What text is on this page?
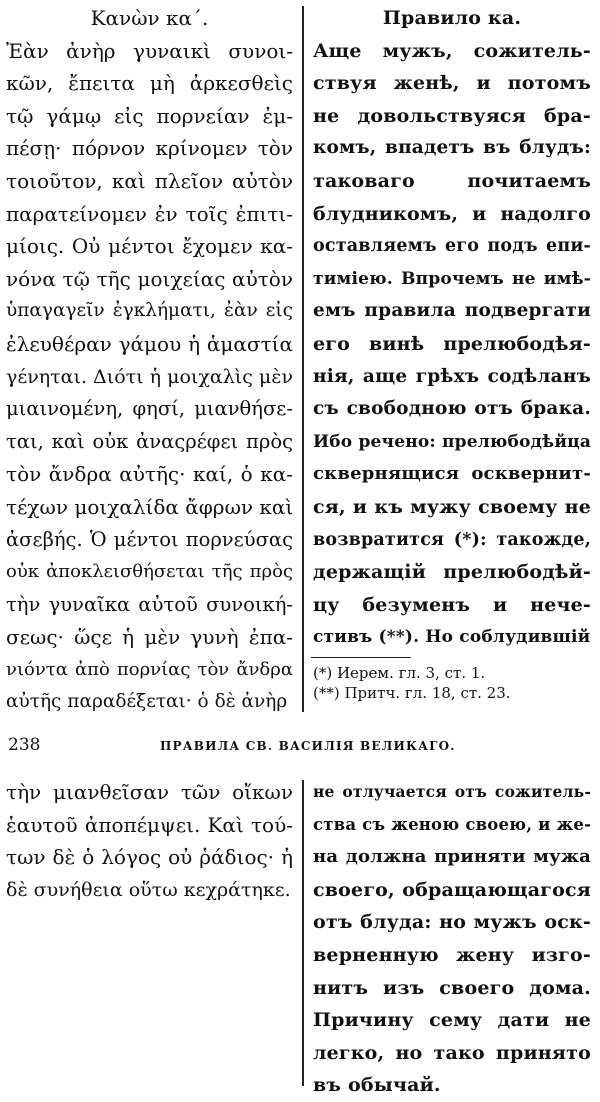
Κανὼν κα΄.
Ἐὰν ἀνὴρ γυναικὶ συνοι-
κῶν, ἔπειτα μὴ ἀρκεσθεὶς
τῷ γάμῳ εἰς πορνείαν ἐμ-
πέσῃ· πόρνον κρίνομεν τὸν
τοιοῦτον, καὶ πλεῖον αὐτὸν
παρατείνομεν ἐν τοῖς ἐπιτι-
μίοις. Οὐ μέντοι ἔχομεν κα-
νόνα τῷ τῆς μοιχείας αὐτὸν
ὑπαγαγεῖν ἐγκλήματι, ἐὰν εἰς
ἐλευθέραν γάμου ἡ ἁμαστία
γένηται. Διότι ἡ μοιχαλὶς μὲν
μιαινομένη, φησί, μιανθήσε-
ται, καὶ οὐκ ἀναςρέφει πρὸς
τὸν ἄνδρα αὐτῆς· καί, ὁ κα-
τέχων μοιχαλίδα ἄφρων καὶ
ἀσεβής. Ὁ μέντοι πορνεύσας
οὐκ ἀποκλεισθήσεται τῆς πρὸς
τὴν γυναῖκα αὐτοῦ συνοική-
σεως· ὥςε ἡ μὲν γυνὴ ἐπα-
νιόντα ἀπὸ πορνίας τὸν ἄνδρα
αὐτῆς παραδέξεται· ὁ δὲ ἀνὴρ
Правило ка.
Аще мужъ, сожитель-
ствуя женѣ, и потомъ
не довольствуяся бра-
комъ, впадетъ въ блудъ:
таковаго почитаемъ
блудникомъ, и надолго
оставляемъ его подъ епи-
тиміею. Впрочемъ не имѣ-
емъ правила подвергати
его винѣ прелюбодѣя-
нія, аще грѣхъ содѣланъ
съ свободною отъ брака.
Ибо речено: прелюбодѣйца
сквернящися осквернит-
ся, и къ мужу своему не
возвратится (*): такожде,
держащій прелюбодѣй-
цу безуменъ и нече-
стивъ (**). Но соблудившій
(*) Иерем. гл. 3, ст. 1.
(**) Притч. гл. 18, ст. 23.
238	ПРАВИЛА СВ. ВАСИЛІЯ ВЕЛИКАГО.
τὴν μιανθεῖσαν τῶν οἴκων
ἑαυτοῦ ἀποπέμψει. Καὶ τού-
των δὲ ὁ λόγος οὐ ῥάδιος· ἡ
δὲ συνήθεια οὕτω κεχράτηκε.
не отлучается отъ сожитель-
ства съ женою своею, и же-
на должна приняти мужа
своего, обращающагося
отъ блуда: но мужъ оск-
верненную жену изго-
нитъ изъ своего дома.
Причину сему дати не
легко, но тако принято
въ обычай.
